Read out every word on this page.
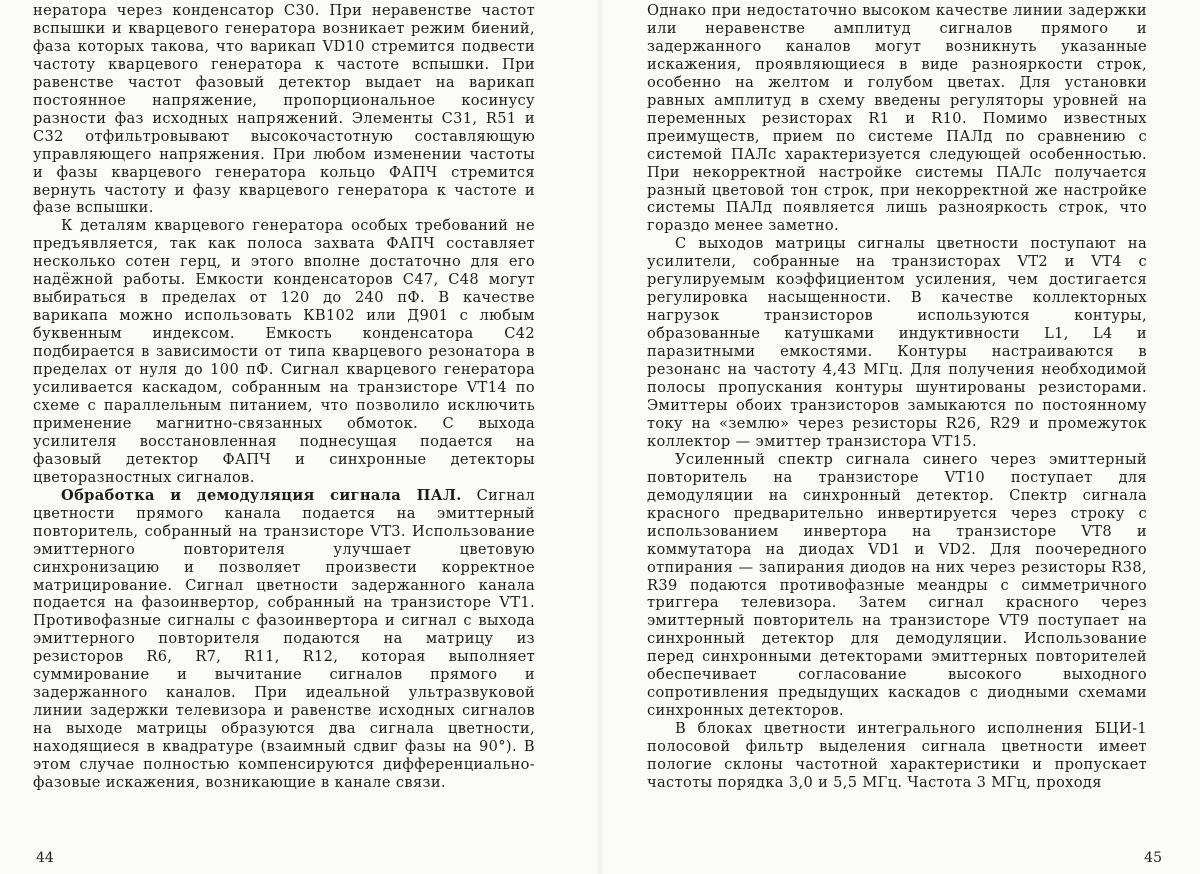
нератора через конденсатор C30. При неравенстве частот вспышки и кварцевого генератора возникает режим биений, фаза которых такова, что варикап VD10 стремится подвести частоту кварцевого генератора к частоте вспышки. При равенстве частот фазовый детектор выдает на варикап постоянное напряжение, пропорциональное косинусу разности фаз исходных напряжений. Элементы C31, R51 и C32 отфильтровывают высокочастотную составляющую управляющего напряжения. При любом изменении частоты и фазы кварцевого генератора кольцо ФАПЧ стремится вернуть частоту и фазу кварцевого генератора к частоте и фазе вспышки.

К деталям кварцевого генератора особых требований не предъявляется, так как полоса захвата ФАПЧ составляет несколько сотен герц, и этого вполне достаточно для его надёжной работы. Емкости конденсаторов C47, C48 могут выбираться в пределах от 120 до 240 пФ. В качестве варикапа можно использовать КВ102 или Д901 с любым буквенным индексом. Емкость конденсатора C42 подбирается в зависимости от типа кварцевого резонатора в пределах от нуля до 100 пФ. Сигнал кварцевого генератора усиливается каскадом, собранным на транзисторе VT14 по схеме с параллельным питанием, что позволило исключить применение магнитно-связанных обмоток. С выхода усилителя восстановленная поднесущая подается на фазовый детектор ФАПЧ и синхронные детекторы цветоразностных сигналов.

Обработка и демодуляция сигнала ПАЛ. Сигнал цветности прямого канала подается на эмиттерный повторитель, собранный на транзисторе VT3. Использование эмиттерного повторителя улучшает цветовую синхронизацию и позволяет произвести корректное матрицирование. Сигнал цветности задержанного канала подается на фазоинвертор, собранный на транзисторе VT1. Противофазные сигналы с фазоинвертора и сигнал с выхода эмиттерного повторителя подаются на матрицу из резисторов R6, R7, R11, R12, которая выполняет суммирование и вычитание сигналов прямого и задержанного каналов. При идеальной ультразвуковой линии задержки телевизора и равенстве исходных сигналов на выходе матрицы образуются два сигнала цветности, находящиеся в квадратуре (взаимный сдвиг фазы на 90°). В этом случае полностью компенсируются дифференциально-фазовые искажения, возникающие в канале связи.

44

Однако при недостаточно высоком качестве линии задержки или неравенстве амплитуд сигналов прямого и задержанного каналов могут возникнуть указанные искажения, проявляющиеся в виде разнояркости строк, особенно на желтом и голубом цветах. Для установки равных амплитуд в схему введены регуляторы уровней на переменных резисторах R1 и R10. Помимо известных преимуществ, прием по системе ПАЛд по сравнению с системой ПАЛс характеризуется следующей особенностью. При некорректной настройке системы ПАЛс получается разный цветовой тон строк, при некорректной же настройке системы ПАЛд появляется лишь разнояркость строк, что гораздо менее заметно.

С выходов матрицы сигналы цветности поступают на усилители, собранные на транзисторах VT2 и VT4 с регулируемым коэффициентом усиления, чем достигается регулировка насыщенности. В качестве коллекторных нагрузок транзисторов используются контуры, образованные катушками индуктивности L1, L4 и паразитными емкостями. Контуры настраиваются в резонанс на частоту 4,43 МГц. Для получения необходимой полосы пропускания контуры шунтированы резисторами. Эмиттеры обоих транзисторов замыкаются по постоянному току на «землю» через резисторы R26, R29 и промежуток коллектор — эмиттер транзистора VT15.

Усиленный спектр сигнала синего через эмиттерный повторитель на транзисторе VT10 поступает для демодуляции на синхронный детектор. Спектр сигнала красного предварительно инвертируется через строку с использованием инвертора на транзисторе VT8 и коммутатора на диодах VD1 и VD2. Для поочередного отпирания — запирания диодов на них через резисторы R38, R39 подаются противофазные меандры с симметричного триггера телевизора. Затем сигнал красного через эмиттерный повторитель на транзисторе VT9 поступает на синхронный детектор для демодуляции. Использование перед синхронными детекторами эмиттерных повторителей обеспечивает согласование высокого выходного сопротивления предыдущих каскадов с диодными схемами синхронных детекторов.

В блоках цветности интегрального исполнения БЦИ-1 полосовой фильтр выделения сигнала цветности имеет пологие склоны частотной характеристики и пропускает частоты порядка 3,0 и 5,5 МГц. Частота 3 МГц, проходя

45
